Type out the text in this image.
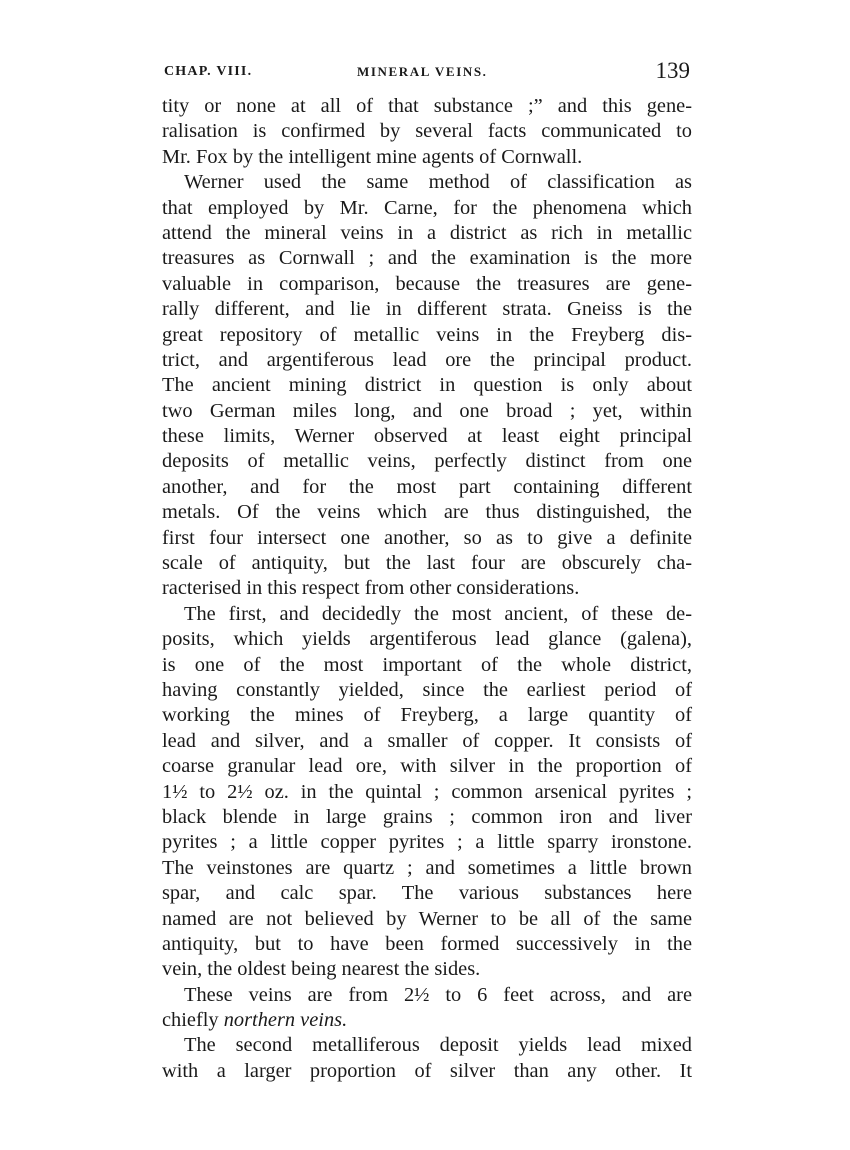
CHAP. VIII.	MINERAL VEINS.	139
tity or none at all of that substance ;” and this gene-
ralisation is confirmed by several facts communicated to
Mr. Fox by the intelligent mine agents of Cornwall.
Werner used the same method of classification as
that employed by Mr. Carne, for the phenomena which
attend the mineral veins in a district as rich in metallic
treasures as Cornwall ; and the examination is the more
valuable in comparison, because the treasures are gene-
rally different, and lie in different strata. Gneiss is the
great repository of metallic veins in the Freyberg dis-
trict, and argentiferous lead ore the principal product.
The ancient mining district in question is only about
two German miles long, and one broad ; yet, within
these limits, Werner observed at least eight principal
deposits of metallic veins, perfectly distinct from one
another, and for the most part containing different
metals. Of the veins which are thus distinguished, the
first four intersect one another, so as to give a definite
scale of antiquity, but the last four are obscurely cha-
racterised in this respect from other considerations.
The first, and decidedly the most ancient, of these de-
posits, which yields argentiferous lead glance (galena),
is one of the most important of the whole district,
having constantly yielded, since the earliest period of
working the mines of Freyberg, a large quantity of
lead and silver, and a smaller of copper. It consists of
coarse granular lead ore, with silver in the proportion of
1½ to 2½ oz. in the quintal ; common arsenical pyrites ;
black blende in large grains ; common iron and liver
pyrites ; a little copper pyrites ; a little sparry ironstone.
The veinstones are quartz ; and sometimes a little brown
spar, and calc spar. The various substances here
named are not believed by Werner to be all of the same
antiquity, but to have been formed successively in the
vein, the oldest being nearest the sides.
These veins are from 2½ to 6 feet across, and are
chiefly northern veins.
The second metalliferous deposit yields lead mixed
with a larger proportion of silver than any other. It
